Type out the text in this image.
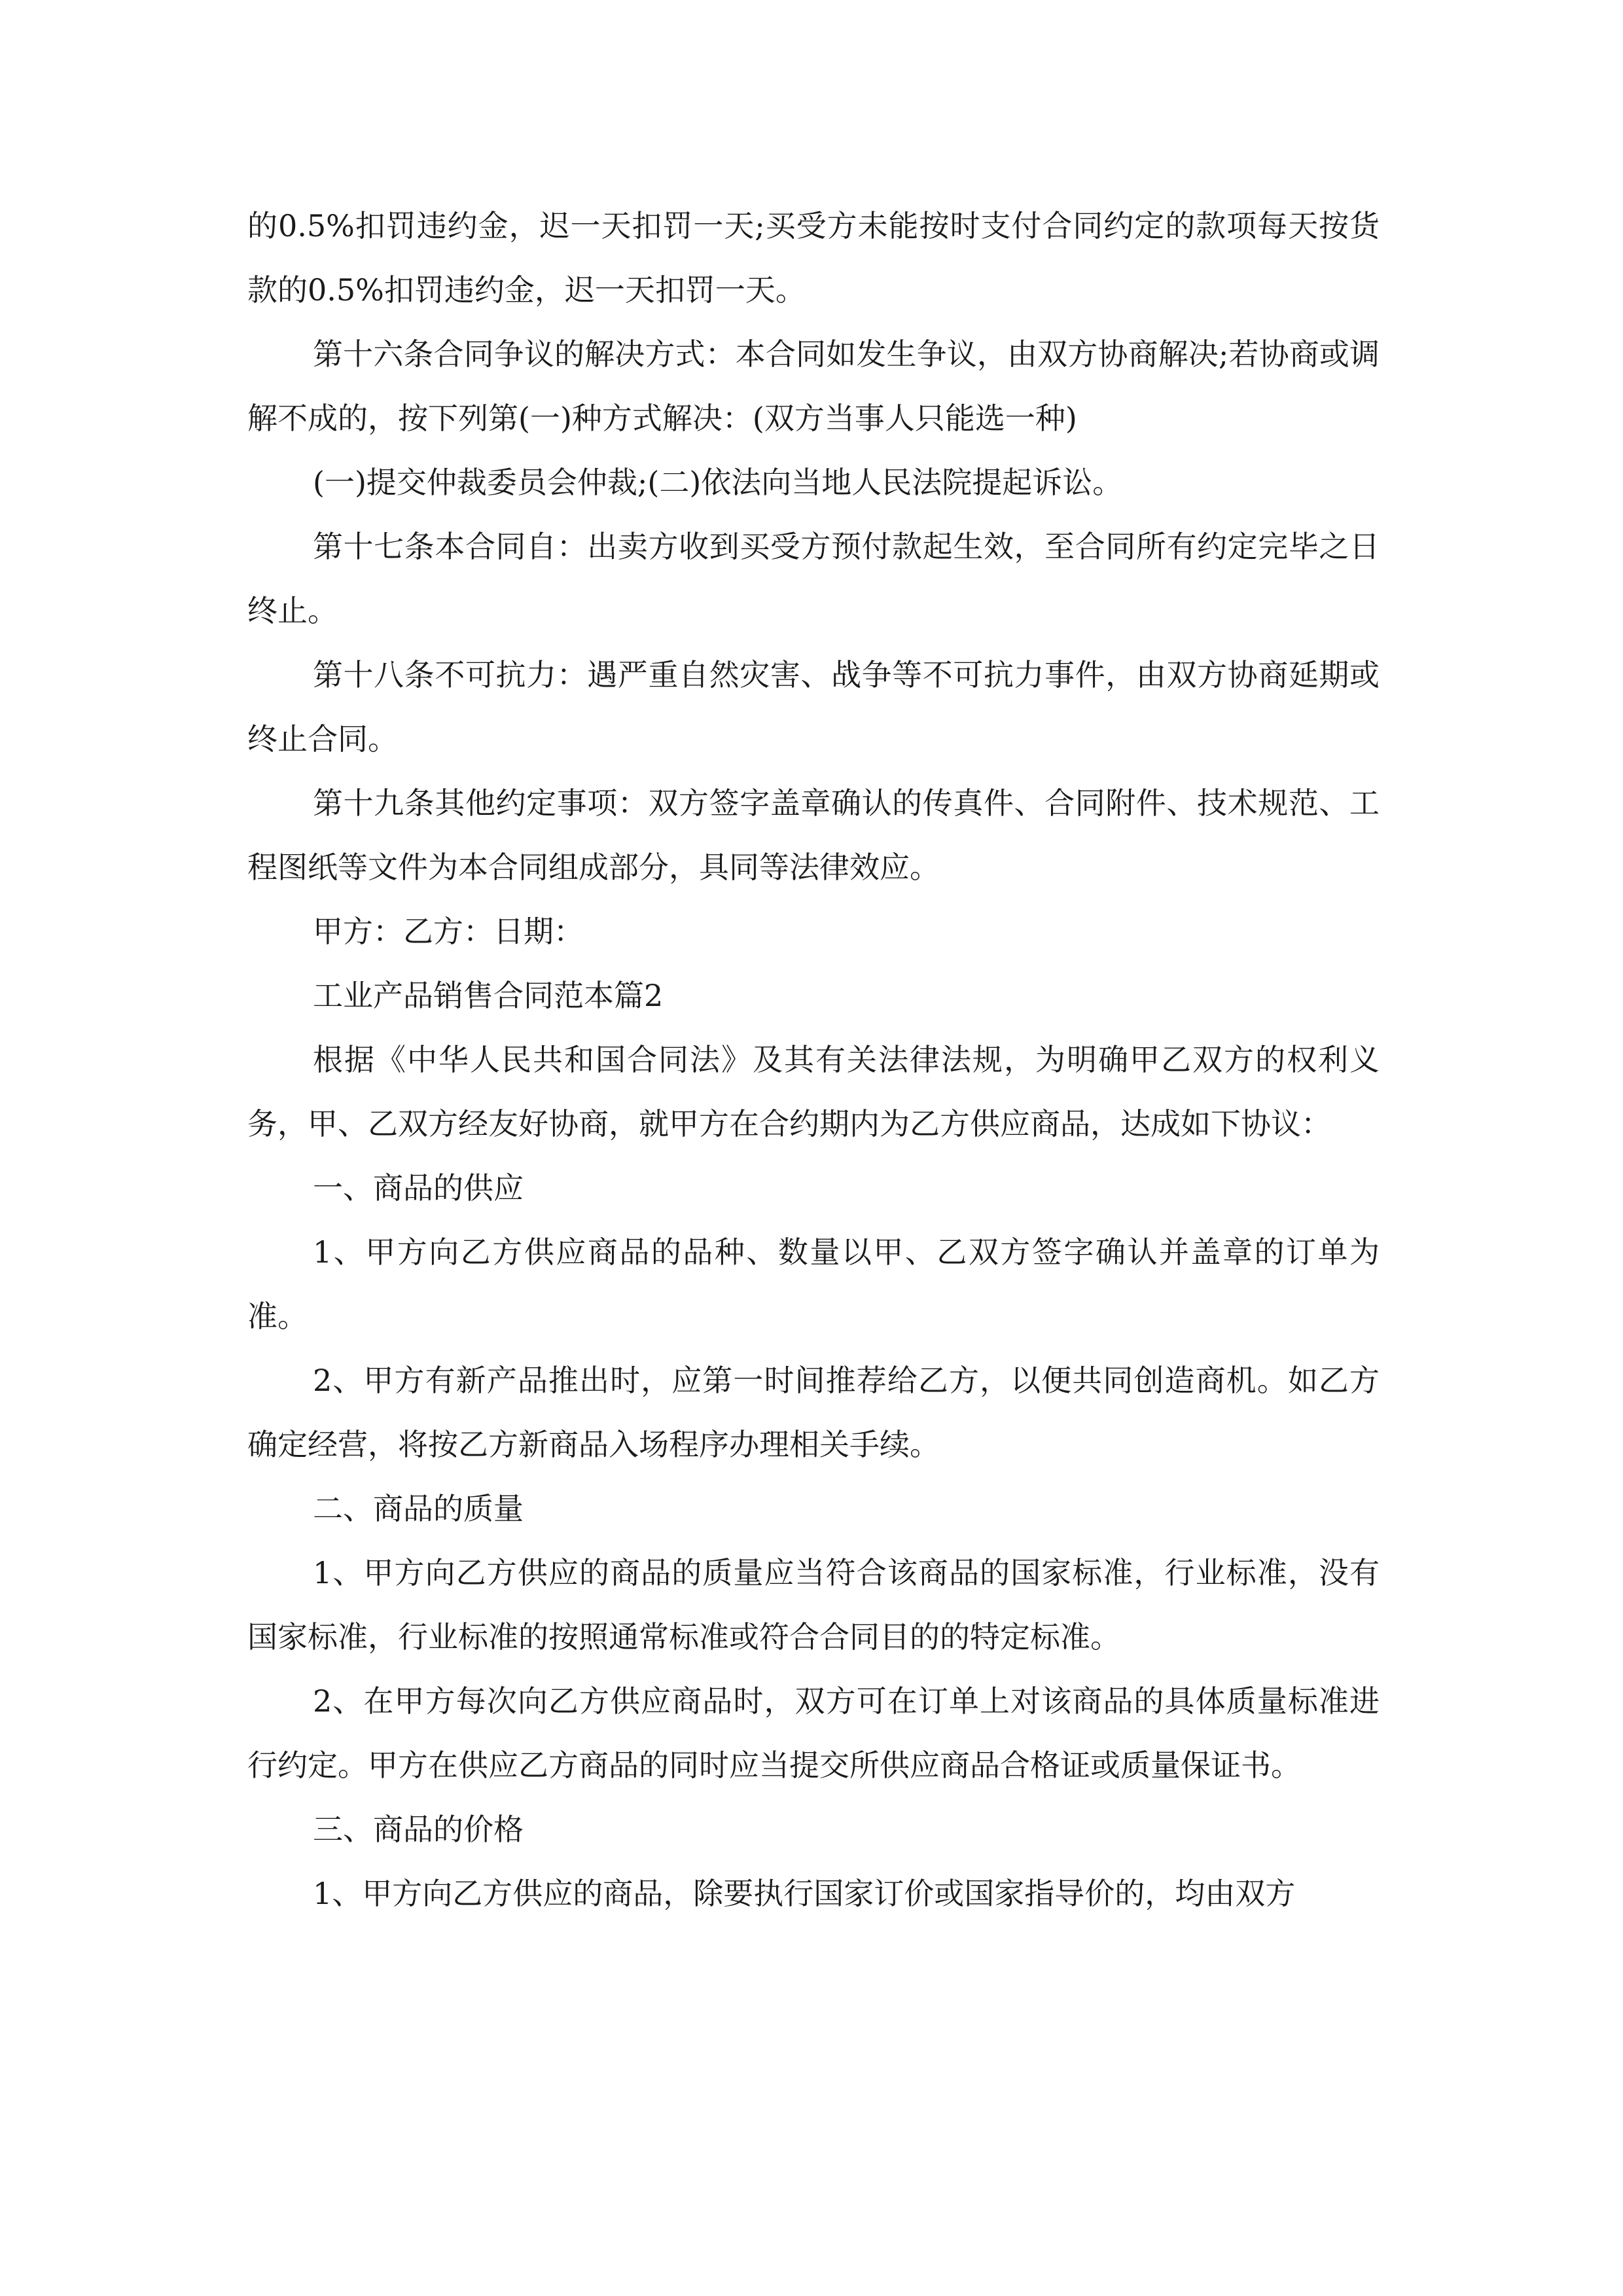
的0.5%扣罚违约金，迟一天扣罚一天;买受方未能按时支付合同约定的款项每天按货款的0.5%扣罚违约金，迟一天扣罚一天。

第十六条合同争议的解决方式：本合同如发生争议，由双方协商解决;若协商或调解不成的，按下列第(一)种方式解决：(双方当事人只能选一种)

(一)提交仲裁委员会仲裁;(二)依法向当地人民法院提起诉讼。

第十七条本合同自：出卖方收到买受方预付款起生效，至合同所有约定完毕之日终止。

第十八条不可抗力：遇严重自然灾害、战争等不可抗力事件，由双方协商延期或终止合同。

第十九条其他约定事项：双方签字盖章确认的传真件、合同附件、技术规范、工程图纸等文件为本合同组成部分，具同等法律效应。

甲方：乙方：日期：

工业产品销售合同范本篇2

根据《中华人民共和国合同法》及其有关法律法规，为明确甲乙双方的权利义务，甲、乙双方经友好协商，就甲方在合约期内为乙方供应商品，达成如下协议：

一、商品的供应

1、甲方向乙方供应商品的品种、数量以甲、乙双方签字确认并盖章的订单为准。

2、甲方有新产品推出时，应第一时间推荐给乙方，以便共同创造商机。如乙方确定经营，将按乙方新商品入场程序办理相关手续。

二、商品的质量

1、甲方向乙方供应的商品的质量应当符合该商品的国家标准，行业标准，没有国家标准，行业标准的按照通常标准或符合合同目的的特定标准。

2、在甲方每次向乙方供应商品时，双方可在订单上对该商品的具体质量标准进行约定。甲方在供应乙方商品的同时应当提交所供应商品合格证或质量保证书。

三、商品的价格

1、甲方向乙方供应的商品，除要执行国家订价或国家指导价的，均由双方
